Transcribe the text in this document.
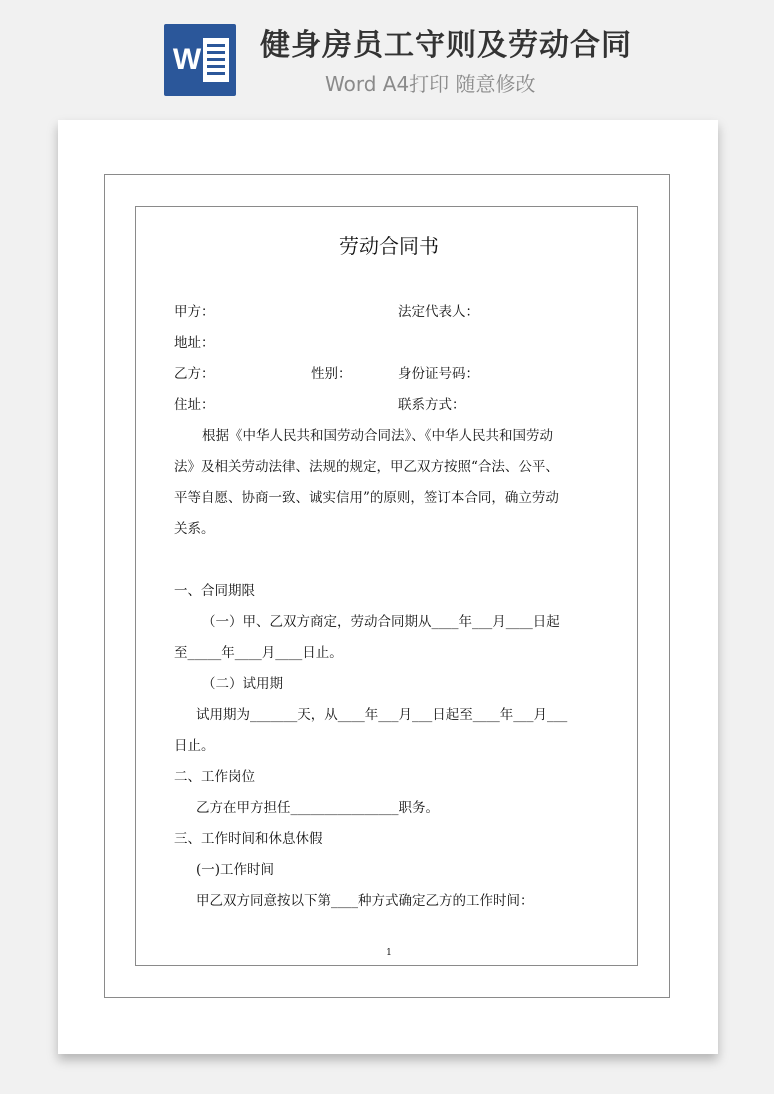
W 健身房员工守则及劳动合同
Word A4打印 随意修改
劳动合同书
甲方：	法定代表人：
地址：
乙方：	性别：	身份证号码：
住址：	联系方式：
根据《中华人民共和国劳动合同法》、《中华人民共和国劳动
法》及相关劳动法律、法规的规定，甲乙双方按照“合法、公平、
平等自愿、协商一致、诚实信用”的原则，签订本合同，确立劳动
关系。
一、合同期限
（一）甲、乙双方商定，劳动合同期从____年___月____日起
至_____年____月____日止。
（二）试用期
试用期为_______天，从____年___月___日起至____年___月___
日止。
二、工作岗位
乙方在甲方担任________________职务。
三、工作时间和休息休假
(一)工作时间
甲乙双方同意按以下第____种方式确定乙方的工作时间：
1
